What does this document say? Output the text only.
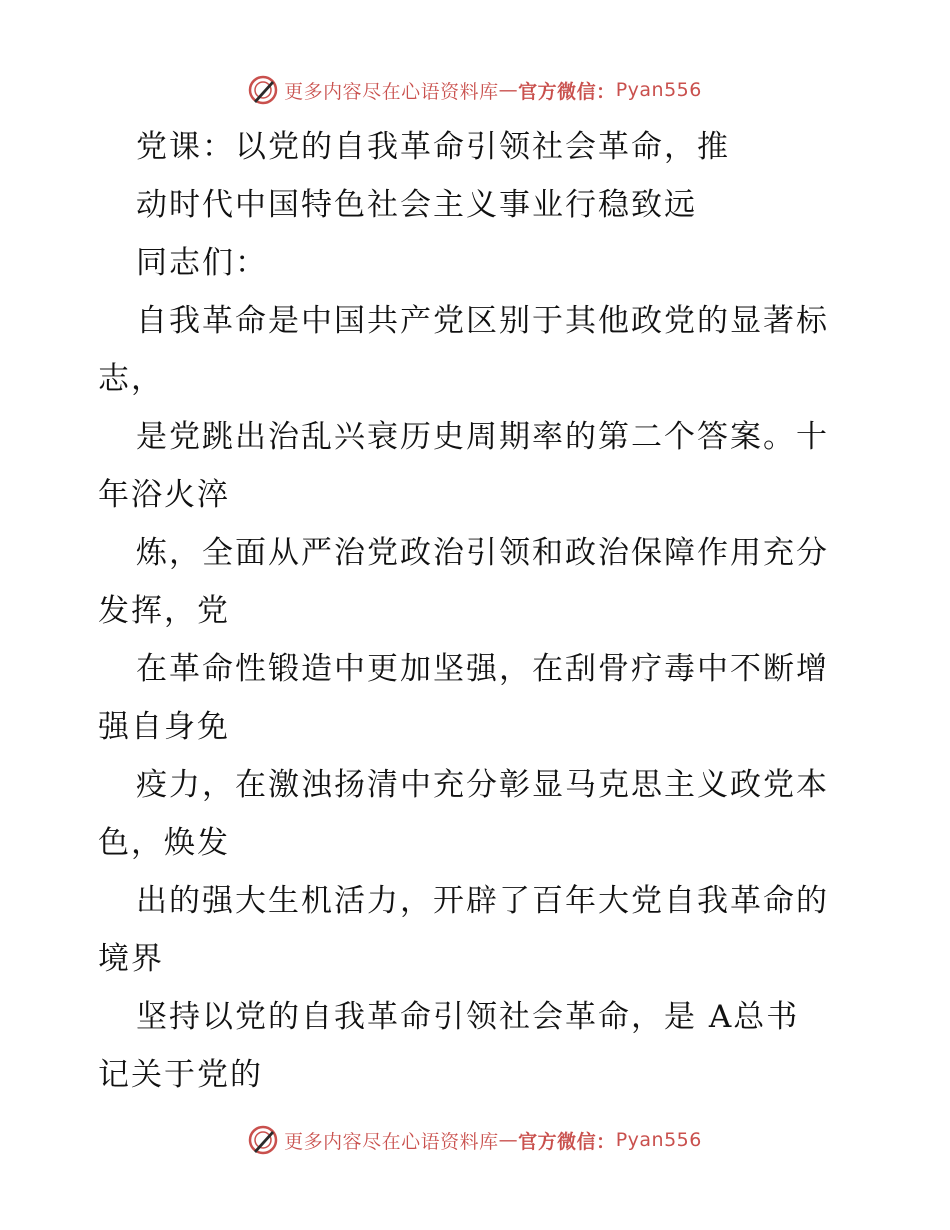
更多内容尽在心语资料库 — 官方微信： Pyan556
党课：以党的自我革命引领社会革命，推
动时代中国特色社会主义事业行稳致远
同志们：
自我革命是中国共产党区别于其他政党的显著标
志，
是党跳出治乱兴衰历史周期率的第二个答案。十
年浴火淬
炼，全面从严治党政治引领和政治保障作用充分
发挥，党
在革命性锻造中更加坚强，在刮骨疗毒中不断增
强自身免
疫力，在激浊扬清中充分彰显马克思主义政党本
色，焕发
出的强大生机活力，开辟了百年大党自我革命的
境界
坚持以党的自我革命引领社会革命，是 A总书
记关于党的
更多内容尽在心语资料库 — 官方微信： Pyan556
